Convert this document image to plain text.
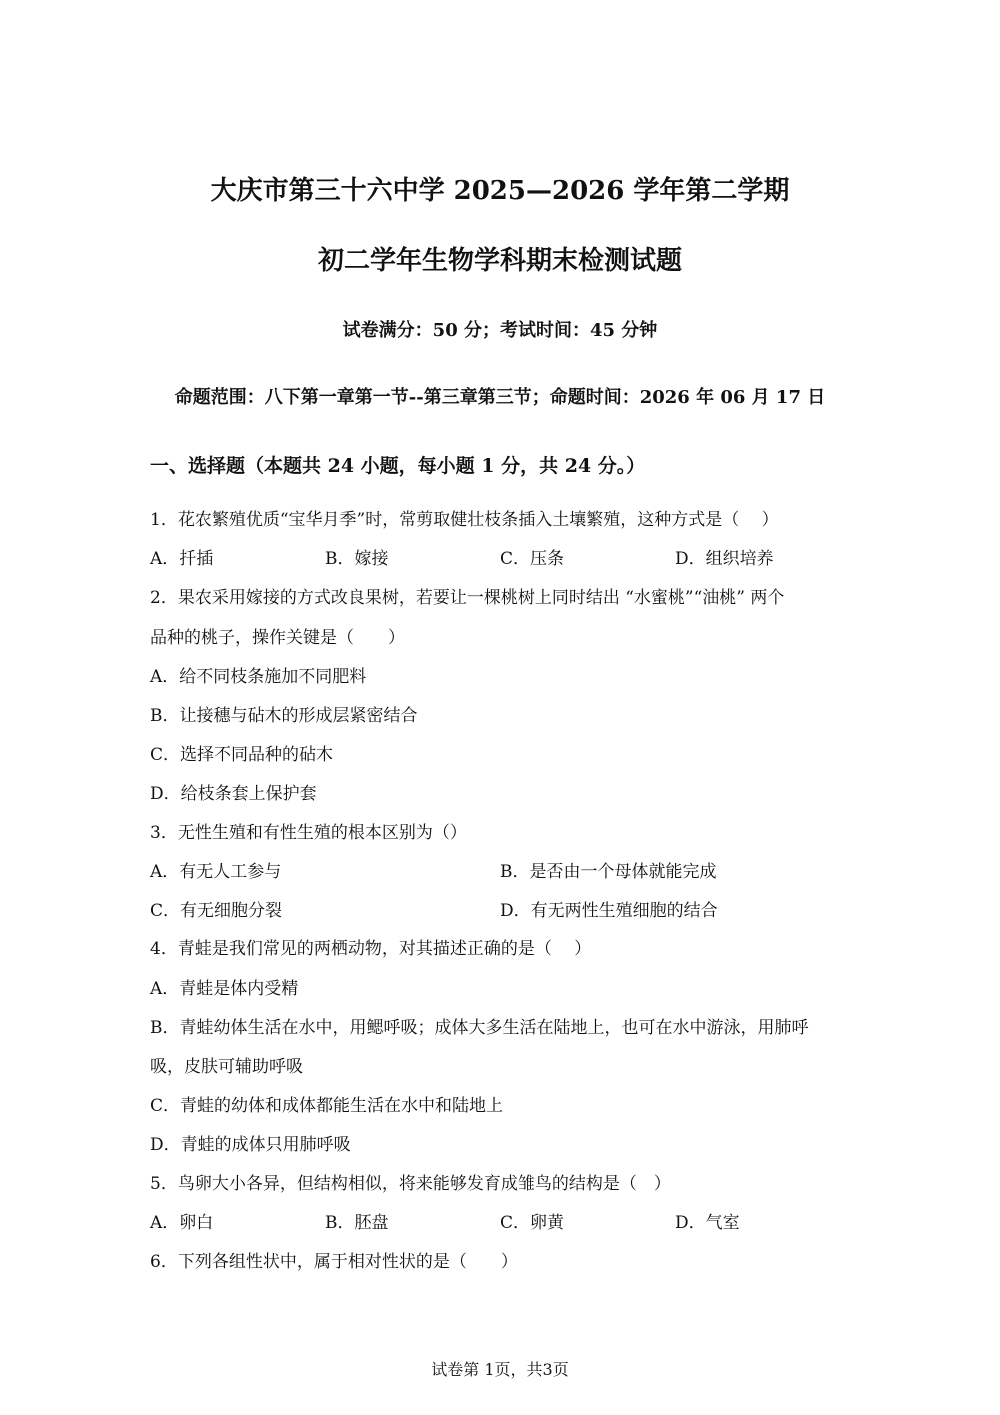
大庆市第三十六中学 2025—2026 学年第二学期
初二学年生物学科期末检测试题
试卷满分：50 分；考试时间：45 分钟
命题范围：八下第一章第一节--第三章第三节；命题时间：2026 年 06 月 17 日
一、选择题（本题共 24 小题，每小题 1 分，共 24 分。）
1．花农繁殖优质“宝华月季”时，常剪取健壮枝条插入土壤繁殖，这种方式是（　 ）
A．扦插	B．嫁接	C．压条	D．组织培养
2．果农采用嫁接的方式改良果树，若要让一棵桃树上同时结出 “水蜜桃”“油桃” 两个
品种的桃子，操作关键是（　　）
A．给不同枝条施加不同肥料
B．让接穗与砧木的形成层紧密结合
C．选择不同品种的砧木
D．给枝条套上保护套
3．无性生殖和有性生殖的根本区别为（）
A．有无人工参与	B．是否由一个母体就能完成
C．有无细胞分裂	D．有无两性生殖细胞的结合
4．青蛙是我们常见的两栖动物，对其描述正确的是（　 ）
A．青蛙是体内受精
B．青蛙幼体生活在水中，用鳃呼吸；成体大多生活在陆地上，也可在水中游泳，用肺呼
吸，皮肤可辅助呼吸
C．青蛙的幼体和成体都能生活在水中和陆地上
D．青蛙的成体只用肺呼吸
5．鸟卵大小各异，但结构相似，将来能够发育成雏鸟的结构是（　）
A．卵白	B．胚盘	C．卵黄	D．气室
6．下列各组性状中，属于相对性状的是（　　）
试卷第 1页，共3页
